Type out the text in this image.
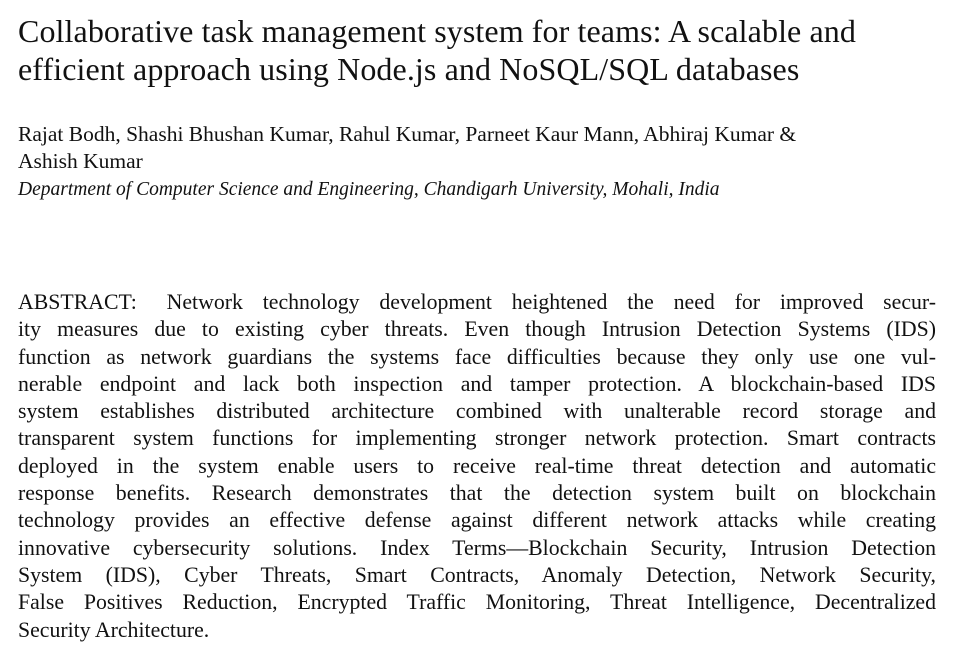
Collaborative task management system for teams: A scalable and
efficient approach using Node.js and NoSQL/SQL databases
Rajat Bodh, Shashi Bhushan Kumar, Rahul Kumar, Parneet Kaur Mann, Abhiraj Kumar &
Ashish Kumar
Department of Computer Science and Engineering, Chandigarh University, Mohali, India
ABSTRACT: Network technology development heightened the need for improved secur-
ity measures due to existing cyber threats. Even though Intrusion Detection Systems (IDS)
function as network guardians the systems face difficulties because they only use one vul-
nerable endpoint and lack both inspection and tamper protection. A blockchain-based IDS
system establishes distributed architecture combined with unalterable record storage and
transparent system functions for implementing stronger network protection. Smart contracts
deployed in the system enable users to receive real-time threat detection and automatic
response benefits. Research demonstrates that the detection system built on blockchain
technology provides an effective defense against different network attacks while creating
innovative cybersecurity solutions. Index Terms—Blockchain Security, Intrusion Detection
System (IDS), Cyber Threats, Smart Contracts, Anomaly Detection, Network Security,
False Positives Reduction, Encrypted Traffic Monitoring, Threat Intelligence, Decentralized
Security Architecture.
